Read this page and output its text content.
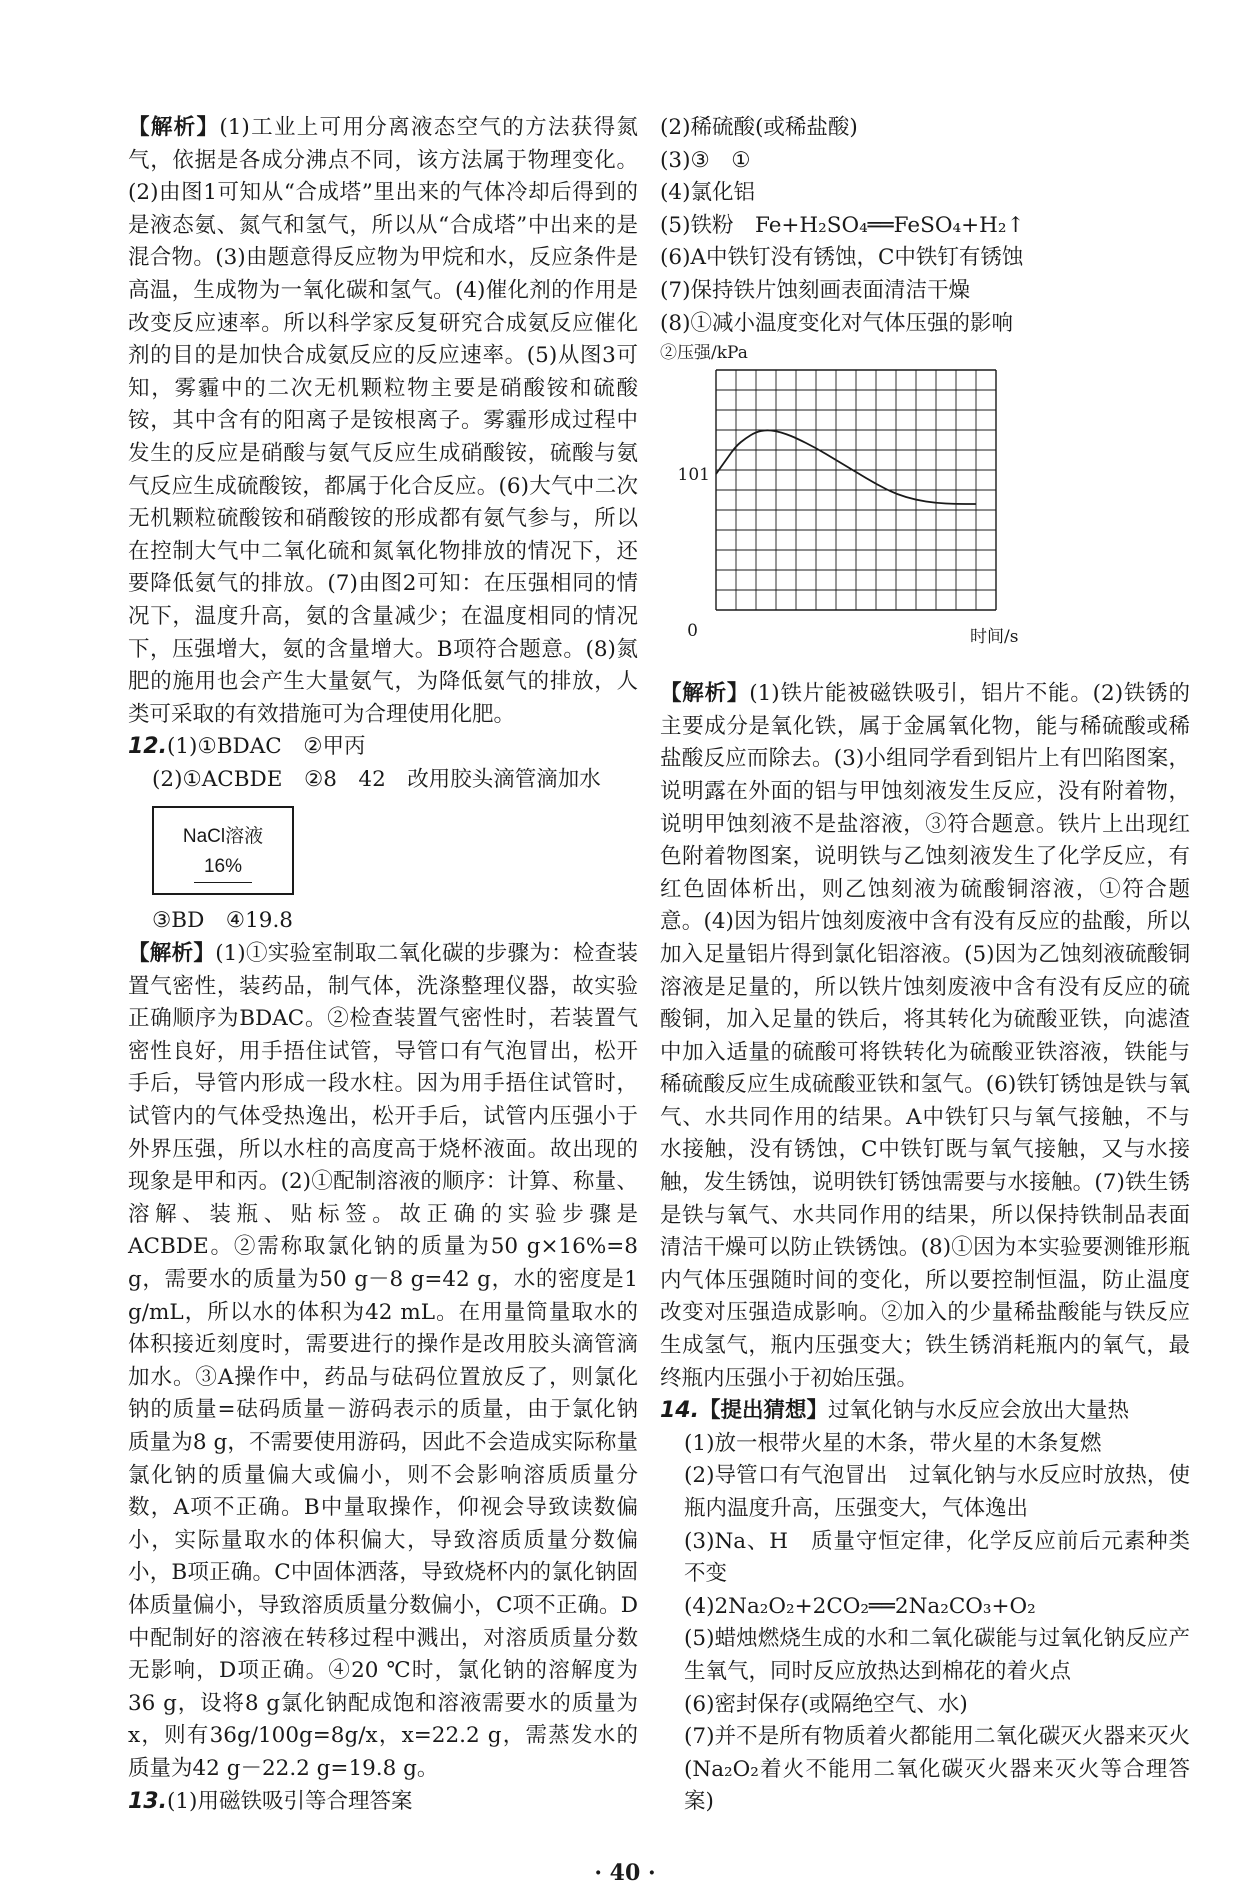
【解析】(1)工业上可用分离液态空气的方法获得氮气，依据是各成分沸点不同，该方法属于物理变化。(2)由图1可知从“合成塔”里出来的气体冷却后得到的是液态氨、氮气和氢气，所以从“合成塔”中出来的是混合物。(3)由题意得反应物为甲烷和水，反应条件是高温，生成物为一氧化碳和氢气。(4)催化剂的作用是改变反应速率。所以科学家反复研究合成氨反应催化剂的目的是加快合成氨反应的反应速率。(5)从图3可知，雾霾中的二次无机颗粒物主要是硝酸铵和硫酸铵，其中含有的阳离子是铵根离子。雾霾形成过程中发生的反应是硝酸与氨气反应生成硝酸铵，硫酸与氨气反应生成硫酸铵，都属于化合反应。(6)大气中二次无机颗粒硫酸铵和硝酸铵的形成都有氨气参与，所以在控制大气中二氧化硫和氮氧化物排放的情况下，还要降低氨气的排放。(7)由图2可知：在压强相同的情况下，温度升高，氨的含量减少；在温度相同的情况下，压强增大，氨的含量增大。B项符合题意。(8)氮肥的施用也会产生大量氨气，为降低氨气的排放，人类可采取的有效措施可为合理使用化肥。

12.(1)①BDAC　②甲丙

(2)①ACBDE　②8　42　改用胶头滴管滴加水

NaCl溶液
16%

③BD　④19.8

【解析】(1)①实验室制取二氧化碳的步骤为：检查装置气密性，装药品，制气体，洗涤整理仪器，故实验正确顺序为BDAC。②检查装置气密性时，若装置气密性良好，用手捂住试管，导管口有气泡冒出，松开手后，导管内形成一段水柱。因为用手捂住试管时，试管内的气体受热逸出，松开手后，试管内压强小于外界压强，所以水柱的高度高于烧杯液面。故出现的现象是甲和丙。(2)①配制溶液的顺序：计算、称量、溶解、装瓶、贴标签。故正确的实验步骤是ACBDE。②需称取氯化钠的质量为50 g×16%=8 g，需要水的质量为50 g－8 g=42 g，水的密度是1 g/mL，所以水的体积为42 mL。在用量筒量取水的体积接近刻度时，需要进行的操作是改用胶头滴管滴加水。③A操作中，药品与砝码位置放反了，则氯化钠的质量=砝码质量－游码表示的质量，由于氯化钠质量为8 g，不需要使用游码，因此不会造成实际称量氯化钠的质量偏大或偏小，则不会影响溶质质量分数，A项不正确。B中量取操作，仰视会导致读数偏小，实际量取水的体积偏大，导致溶质质量分数偏小，B项正确。C中固体洒落，导致烧杯内的氯化钠固体质量偏小，导致溶质质量分数偏小，C项不正确。D中配制好的溶液在转移过程中溅出，对溶质质量分数无影响，D项正确。④20 ℃时，氯化钠的溶解度为36 g，设将8 g氯化钠配成饱和溶液需要水的质量为x，则有36g/100g=8g/x，x=22.2 g，需蒸发水的质量为42 g－22.2 g=19.8 g。

13.(1)用磁铁吸引等合理答案

(2)稀硫酸(或稀盐酸)

(3)③　①

(4)氯化铝

(5)铁粉　Fe+H₂SO₄══FeSO₄+H₂↑

(6)A中铁钉没有锈蚀，C中铁钉有锈蚀

(7)保持铁片蚀刻画表面清洁干燥

(8)①减小温度变化对气体压强的影响

②压强/kPa
101
0	时间/s

【解析】(1)铁片能被磁铁吸引，铝片不能。(2)铁锈的主要成分是氧化铁，属于金属氧化物，能与稀硫酸或稀盐酸反应而除去。(3)小组同学看到铝片上有凹陷图案，说明露在外面的铝与甲蚀刻液发生反应，没有附着物，说明甲蚀刻液不是盐溶液，③符合题意。铁片上出现红色附着物图案，说明铁与乙蚀刻液发生了化学反应，有红色固体析出，则乙蚀刻液为硫酸铜溶液，①符合题意。(4)因为铝片蚀刻废液中含有没有反应的盐酸，所以加入足量铝片得到氯化铝溶液。(5)因为乙蚀刻液硫酸铜溶液是足量的，所以铁片蚀刻废液中含有没有反应的硫酸铜，加入足量的铁后，将其转化为硫酸亚铁，向滤渣中加入适量的硫酸可将铁转化为硫酸亚铁溶液，铁能与稀硫酸反应生成硫酸亚铁和氢气。(6)铁钉锈蚀是铁与氧气、水共同作用的结果。A中铁钉只与氧气接触，不与水接触，没有锈蚀，C中铁钉既与氧气接触，又与水接触，发生锈蚀，说明铁钉锈蚀需要与水接触。(7)铁生锈是铁与氧气、水共同作用的结果，所以保持铁制品表面清洁干燥可以防止铁锈蚀。(8)①因为本实验要测锥形瓶内气体压强随时间的变化，所以要控制恒温，防止温度改变对压强造成影响。②加入的少量稀盐酸能与铁反应生成氢气，瓶内压强变大；铁生锈消耗瓶内的氧气，最终瓶内压强小于初始压强。

14.【提出猜想】过氧化钠与水反应会放出大量热

(1)放一根带火星的木条，带火星的木条复燃

(2)导管口有气泡冒出　过氧化钠与水反应时放热，使瓶内温度升高，压强变大，气体逸出

(3)Na、H　质量守恒定律，化学反应前后元素种类不变

(4)2Na₂O₂+2CO₂══2Na₂CO₃+O₂

(5)蜡烛燃烧生成的水和二氧化碳能与过氧化钠反应产生氧气，同时反应放热达到棉花的着火点

(6)密封保存(或隔绝空气、水)

(7)并不是所有物质着火都能用二氧化碳灭火器来灭火(Na₂O₂着火不能用二氧化碳灭火器来灭火等合理答案)

· 40 ·
